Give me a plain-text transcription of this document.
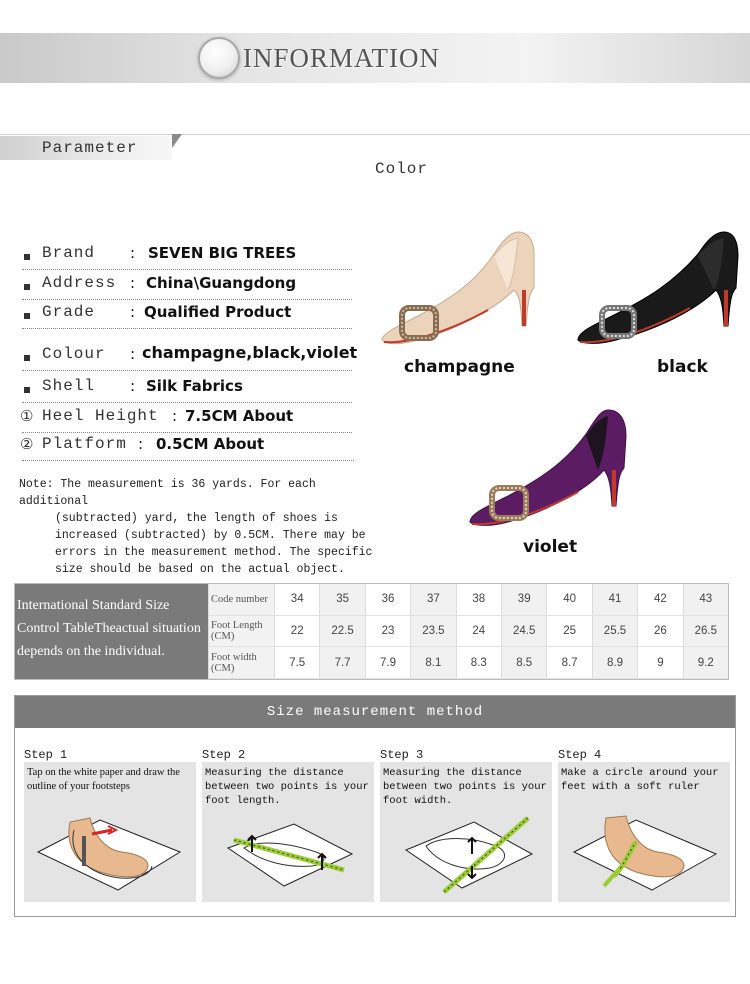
INFORMATION
Parameter
Color
Brand : SEVEN BIG TREES
Address : China\Guangdong
Grade : Qualified Product
Colour : champagne,black,violet
Shell : Silk Fabrics
① Heel Height : 7.5CM About
② Platform : 0.5CM About
Note: The measurement is 36 yards. For each additional
(subtracted) yard, the length of shoes is increased (subtracted) by 0.5CM. There may be errors in the measurement method. The specific size should be based on the actual object.
champagne	black
violet
International Standard Size
Control TableTheactual situation
depends on the individual.
Code number	34	35	36	37	38	39	40	41	42	43
Foot Length (CM)	22	22.5	23	23.5	24	24.5	25	25.5	26	26.5
Foot width (CM)	7.5	7.7	7.9	8.1	8.3	8.5	8.7	8.9	9	9.2
Size measurement method
Step 1
Tap on the white paper and draw the outline of your footsteps
Step 2
Measuring the distance between two points is your foot length.
Step 3
Measuring the distance between two points is your foot width.
Step 4
Make a circle around your feet with a soft ruler
